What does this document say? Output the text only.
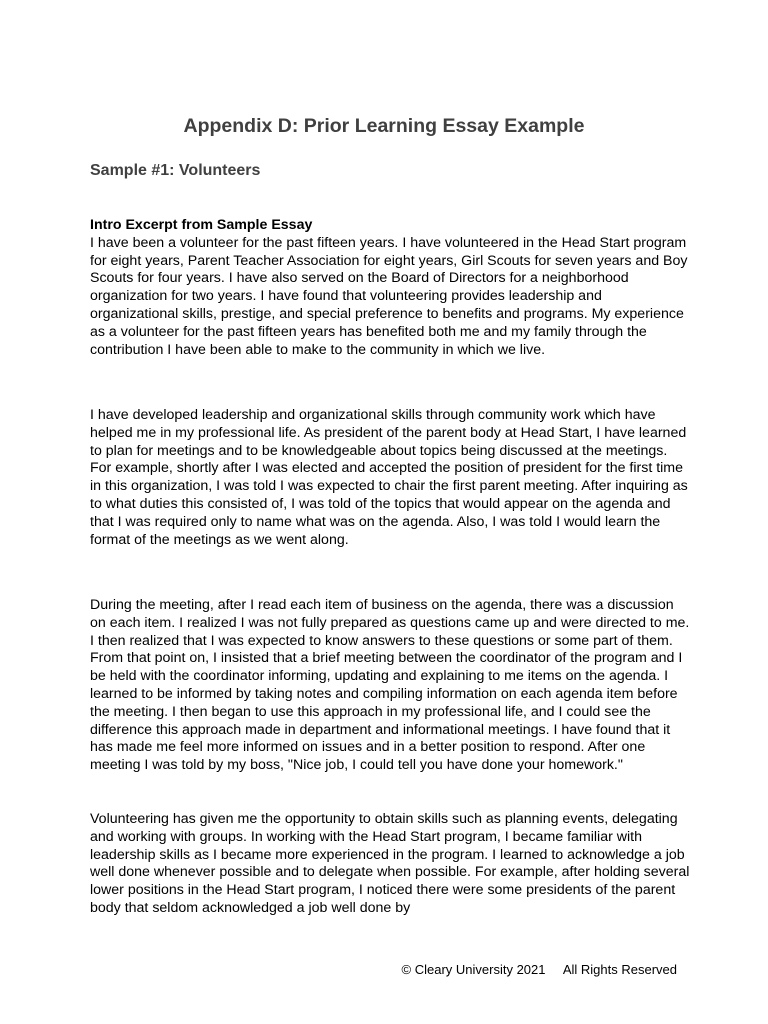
Appendix D: Prior Learning Essay Example
Sample #1: Volunteers
Intro Excerpt from Sample Essay
I have been a volunteer for the past fifteen years. I have volunteered in the Head Start program for eight years, Parent Teacher Association for eight years, Girl Scouts for seven years and Boy Scouts for four years. I have also served on the Board of Directors for a neighborhood organization for two years. I have found that volunteering provides leadership and organizational skills, prestige, and special preference to benefits and programs. My experience as a volunteer for the past fifteen years has benefited both me and my family through the contribution I have been able to make to the community in which we live.

I have developed leadership and organizational skills through community work which have helped me in my professional life. As president of the parent body at Head Start, I have learned to plan for meetings and to be knowledgeable about topics being discussed at the meetings. For example, shortly after I was elected and accepted the position of president for the first time in this organization, I was told I was expected to chair the first parent meeting. After inquiring as to what duties this consisted of, I was told of the topics that would appear on the agenda and that I was required only to name what was on the agenda. Also, I was told I would learn the format of the meetings as we went along.

During the meeting, after I read each item of business on the agenda, there was a discussion on each item. I realized I was not fully prepared as questions came up and were directed to me. I then realized that I was expected to know answers to these questions or some part of them. From that point on, I insisted that a brief meeting between the coordinator of the program and I be held with the coordinator informing, updating and explaining to me items on the agenda. I learned to be informed by taking notes and compiling information on each agenda item before the meeting. I then began to use this approach in my professional life, and I could see the difference this approach made in department and informational meetings. I have found that it has made me feel more informed on issues and in a better position to respond. After one meeting I was told by my boss, "Nice job, I could tell you have done your homework."

Volunteering has given me the opportunity to obtain skills such as planning events, delegating and working with groups. In working with the Head Start program, I became familiar with leadership skills as I became more experienced in the program. I learned to acknowledge a job well done whenever possible and to delegate when possible. For example, after holding several lower positions in the Head Start program, I noticed there were some presidents of the parent body that seldom acknowledged a job well done by

© Cleary University 2021 All Rights Reserved
